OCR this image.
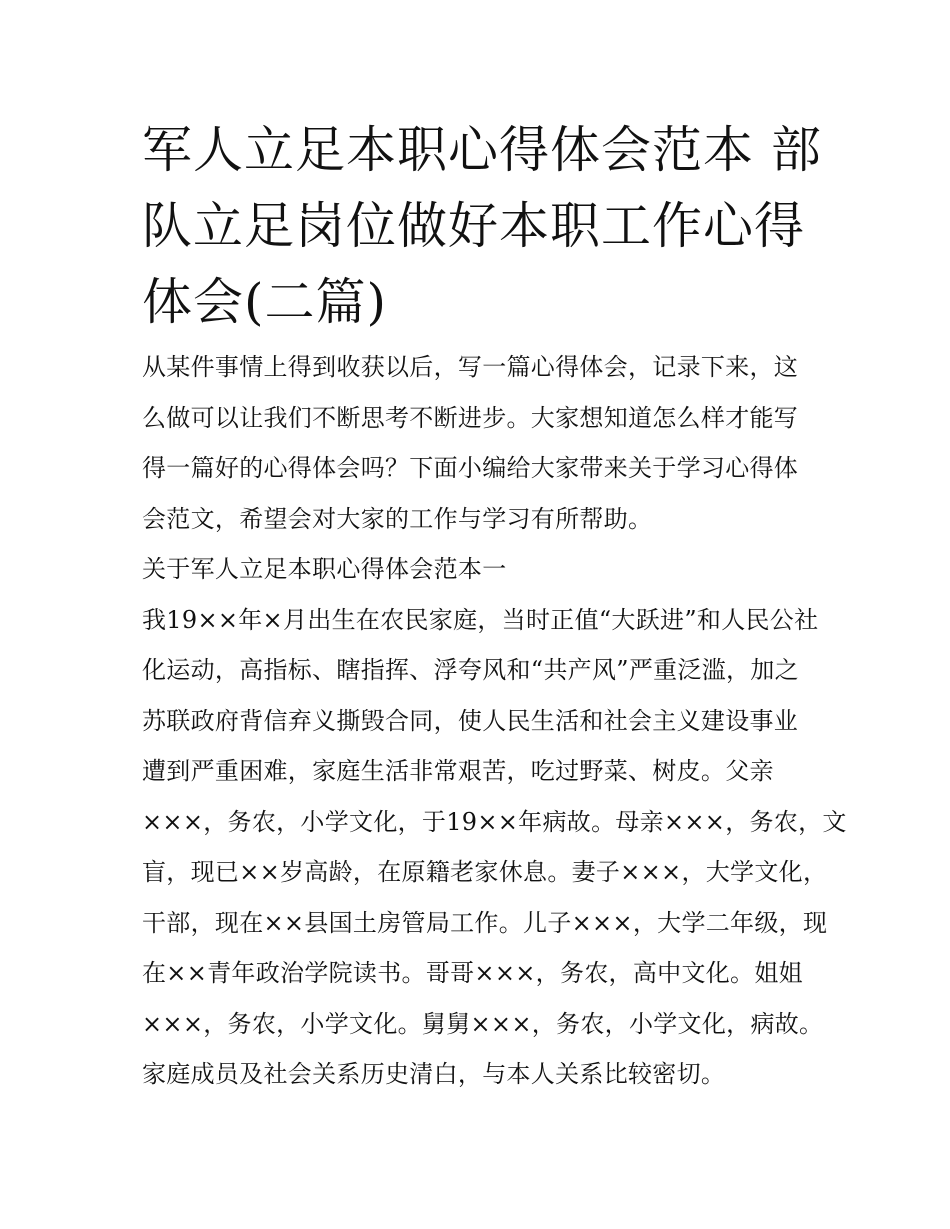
军人立足本职心得体会范本 部
队立足岗位做好本职工作心得
体会(二篇)
从某件事情上得到收获以后，写一篇心得体会，记录下来，这
么做可以让我们不断思考不断进步。大家想知道怎么样才能写
得一篇好的心得体会吗？下面小编给大家带来关于学习心得体
会范文，希望会对大家的工作与学习有所帮助。
关于军人立足本职心得体会范本一
我19××年×月出生在农民家庭，当时正值“大跃进”和人民公社
化运动，高指标、瞎指挥、浮夸风和“共产风”严重泛滥，加之
苏联政府背信弃义撕毁合同，使人民生活和社会主义建设事业
遭到严重困难，家庭生活非常艰苦，吃过野菜、树皮。父亲
×××，务农，小学文化，于19××年病故。母亲×××，务农，文
盲，现已××岁高龄，在原籍老家休息。妻子×××，大学文化，
干部，现在××县国土房管局工作。儿子×××，大学二年级，现
在××青年政治学院读书。哥哥×××，务农，高中文化。姐姐
×××，务农，小学文化。舅舅×××，务农，小学文化，病故。
家庭成员及社会关系历史清白，与本人关系比较密切。
